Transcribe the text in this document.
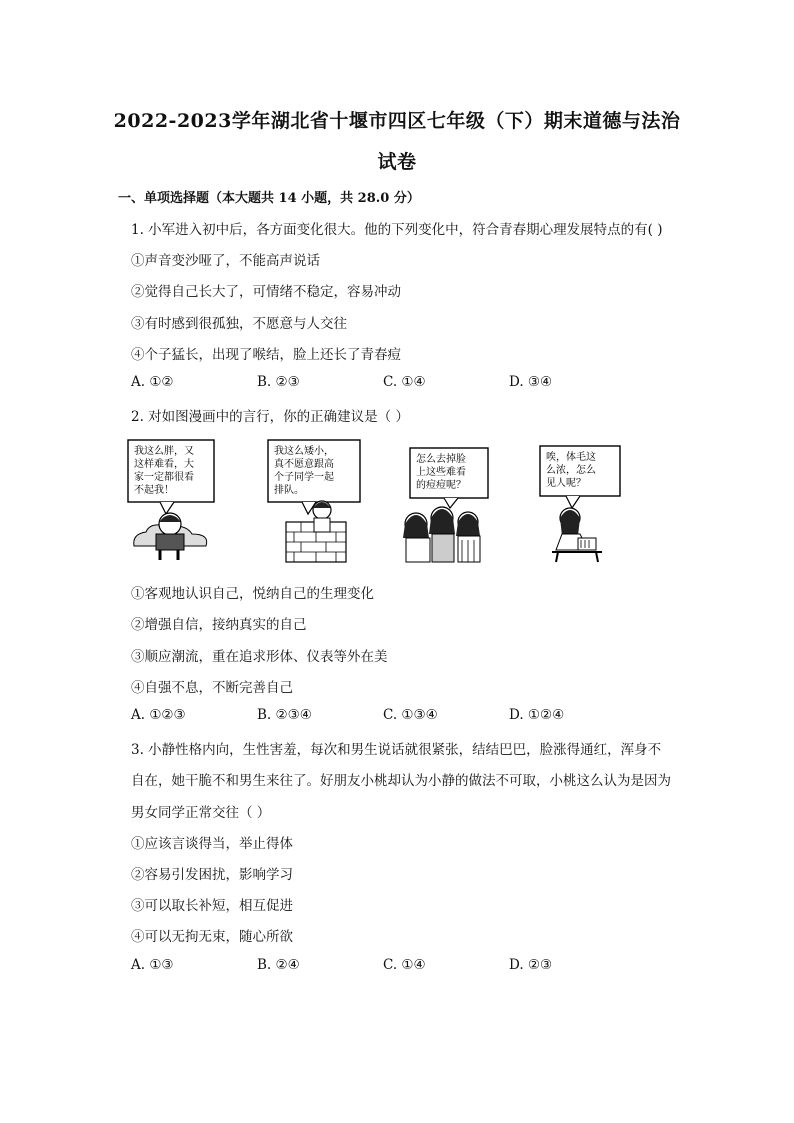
2022-2023学年湖北省十堰市四区七年级（下）期末道德与法治
试卷
一、单项选择题（本大题共 14 小题，共 28.0 分）
1. 小军进入初中后，各方面变化很大。他的下列变化中，符合青春期心理发展特点的有( )
①声音变沙哑了，不能高声说话
②觉得自己长大了，可情绪不稳定，容易冲动
③有时感到很孤独，不愿意与人交往
④个子猛长，出现了喉结，脸上还长了青春痘
A. ①②	B. ②③	C. ①④	D. ③④
2. 对如图漫画中的言行，你的正确建议是（ ）
我这么胖，又 这样难看，大 家一定都很看 不起我！
我这么矮小， 真不愿意跟高 个子同学一起 排队。
怎么去掉脸 上这些难看 的痘痘呢？
唉，体毛这 么浓，怎么 见人呢？
①客观地认识自己，悦纳自己的生理变化
②增强自信，接纳真实的自己
③顺应潮流，重在追求形体、仪表等外在美
④自强不息，不断完善自己
A. ①②③	B. ②③④	C. ①③④	D. ①②④
3. 小静性格内向，生性害羞，每次和男生说话就很紧张，结结巴巴，脸涨得通红，浑身不
自在，她干脆不和男生来往了。好朋友小桃却认为小静的做法不可取，小桃这么认为是因为
男女同学正常交往（ ）
①应该言谈得当，举止得体
②容易引发困扰，影响学习
③可以取长补短，相互促进
④可以无拘无束，随心所欲
A. ①③	B. ②④	C. ①④	D. ②③
